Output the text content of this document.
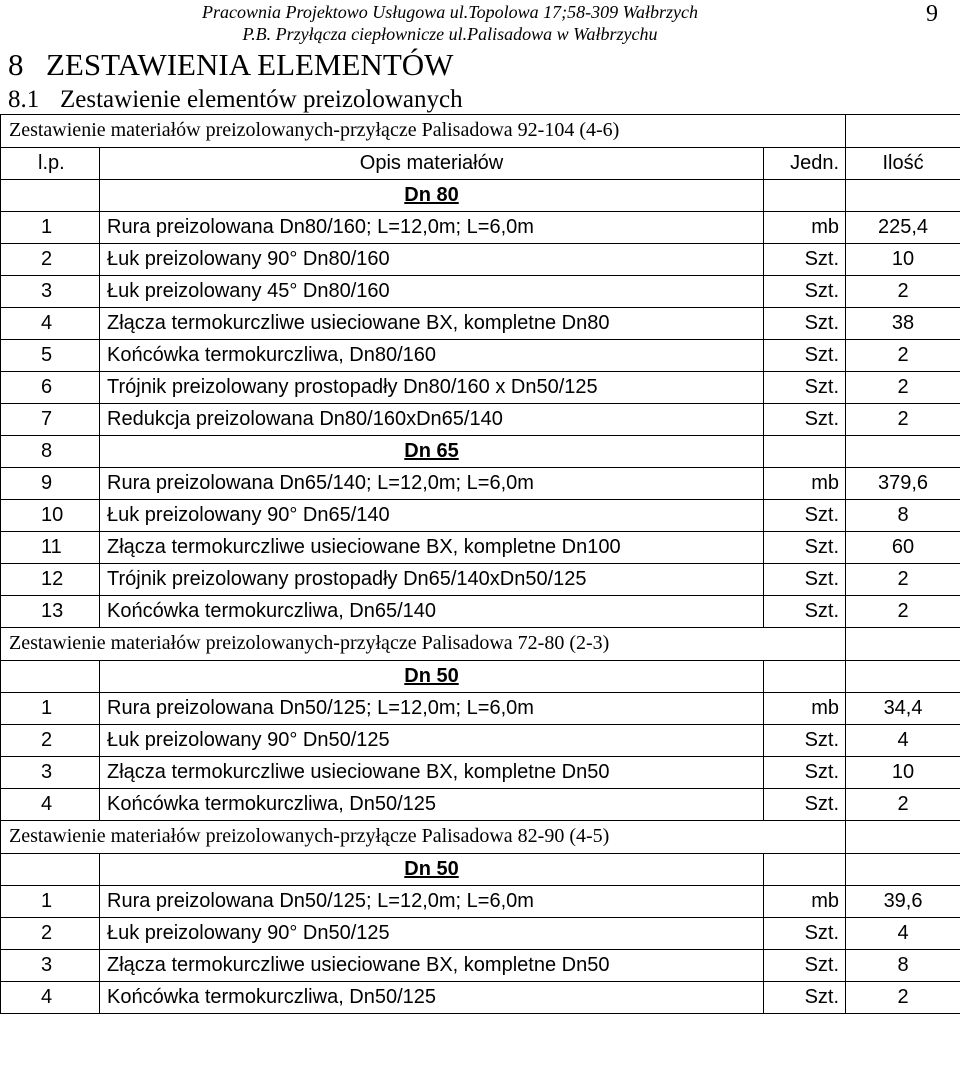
Pracownia Projektowo Usługowa ul.Topolowa 17;58-309 Wałbrzych
P.B. Przyłącza ciepłownicze ul.Palisadowa w Wałbrzychu
9
8 ZESTAWIENIA ELEMENTÓW
8.1 Zestawienie elementów preizolowanych
Zestawienie materiałów preizolowanych-przyłącze Palisadowa 92-104 (4-6)			
l.p.	Opis materiałów	Jedn.	Ilość
	Dn 80		
1	Rura preizolowana Dn80/160; L=12,0m; L=6,0m	mb	225,4
2	Łuk preizolowany 90° Dn80/160	Szt.	10
3	Łuk preizolowany 45° Dn80/160	Szt.	2
4	Złącza termokurczliwe usieciowane BX, kompletne Dn80	Szt.	38
5	Końcówka termokurczliwa, Dn80/160	Szt.	2
6	Trójnik preizolowany prostopadły Dn80/160 x Dn50/125	Szt.	2
7	Redukcja preizolowana Dn80/160xDn65/140	Szt.	2
8	Dn 65		
9	Rura preizolowana Dn65/140; L=12,0m; L=6,0m	mb	379,6
10	Łuk preizolowany 90° Dn65/140	Szt.	8
11	Złącza termokurczliwe usieciowane BX, kompletne Dn100	Szt.	60
12	Trójnik preizolowany prostopadły Dn65/140xDn50/125	Szt.	2
13	Końcówka termokurczliwa, Dn65/140	Szt.	2
Zestawienie materiałów preizolowanych-przyłącze Palisadowa 72-80 (2-3)			
	Dn 50		
1	Rura preizolowana Dn50/125; L=12,0m; L=6,0m	mb	34,4
2	Łuk preizolowany 90° Dn50/125	Szt.	4
3	Złącza termokurczliwe usieciowane BX, kompletne Dn50	Szt.	10
4	Końcówka termokurczliwa, Dn50/125	Szt.	2
Zestawienie materiałów preizolowanych-przyłącze Palisadowa 82-90 (4-5)			
	Dn 50		
1	Rura preizolowana Dn50/125; L=12,0m; L=6,0m	mb	39,6
2	Łuk preizolowany 90° Dn50/125	Szt.	4
3	Złącza termokurczliwe usieciowane BX, kompletne Dn50	Szt.	8
4	Końcówka termokurczliwa, Dn50/125	Szt.	2
